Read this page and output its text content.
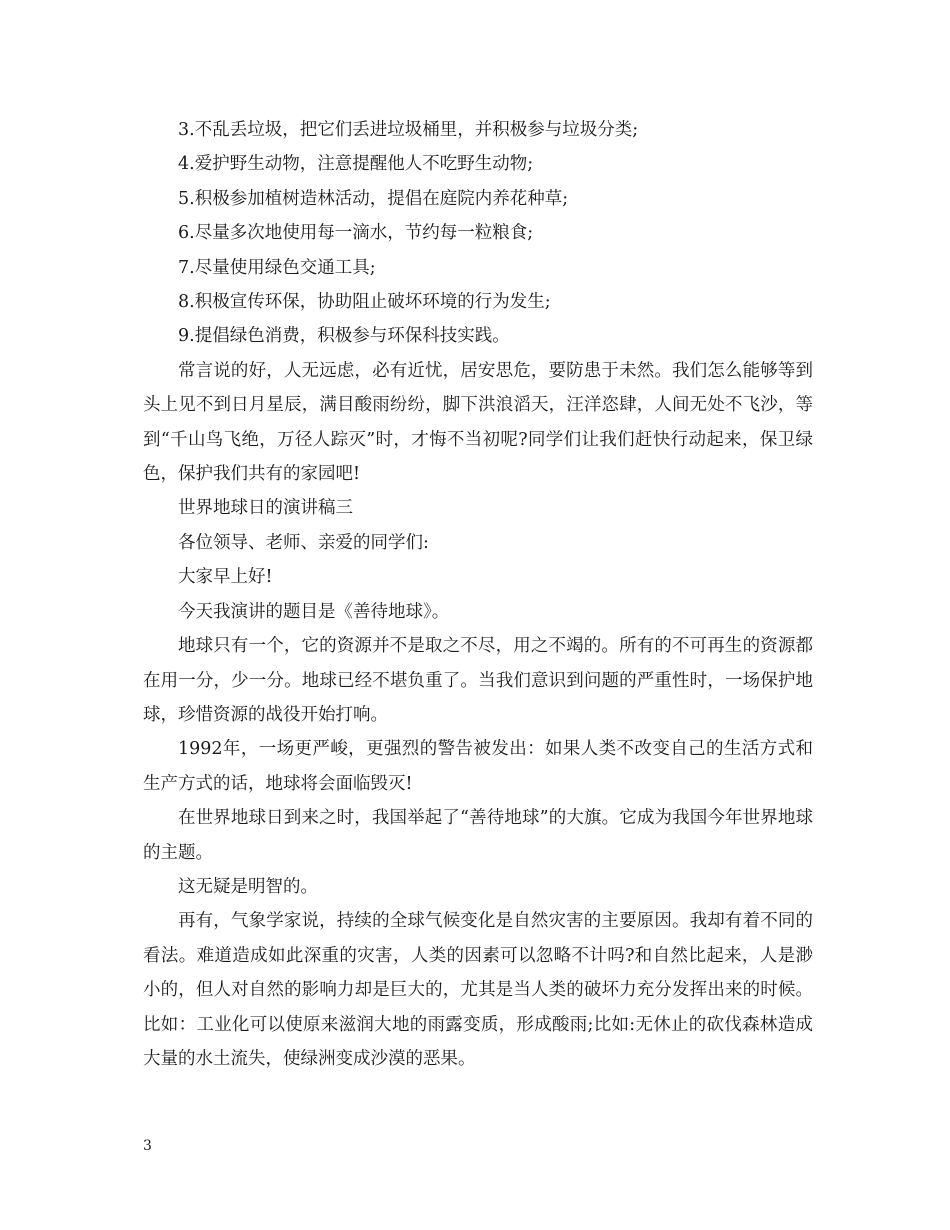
3.不乱丢垃圾，把它们丢进垃圾桶里，并积极参与垃圾分类;

4.爱护野生动物，注意提醒他人不吃野生动物;

5.积极参加植树造林活动，提倡在庭院内养花种草;

6.尽量多次地使用每一滴水，节约每一粒粮食;

7.尽量使用绿色交通工具;

8.积极宣传环保，协助阻止破坏环境的行为发生;

9.提倡绿色消费，积极参与环保科技实践。

常言说的好，人无远虑，必有近忧，居安思危，要防患于未然。我们怎么能够等到头上见不到日月星辰，满目酸雨纷纷，脚下洪浪滔天，汪洋恣肆，人间无处不飞沙，等到“千山鸟飞绝，万径人踪灭”时，才悔不当初呢?同学们让我们赶快行动起来，保卫绿色，保护我们共有的家园吧!

世界地球日的演讲稿三

各位领导、老师、亲爱的同学们:

大家早上好!

今天我演讲的题目是《善待地球》。

地球只有一个，它的资源并不是取之不尽，用之不竭的。所有的不可再生的资源都在用一分，少一分。地球已经不堪负重了。当我们意识到问题的严重性时，一场保护地球，珍惜资源的战役开始打响。

1992年，一场更严峻，更强烈的警告被发出：如果人类不改变自己的生活方式和生产方式的话，地球将会面临毁灭!

在世界地球日到来之时，我国举起了“善待地球”的大旗。它成为我国今年世界地球的主题。

这无疑是明智的。

再有，气象学家说，持续的全球气候变化是自然灾害的主要原因。我却有着不同的看法。难道造成如此深重的灾害，人类的因素可以忽略不计吗?和自然比起来，人是渺小的，但人对自然的影响力却是巨大的，尤其是当人类的破坏力充分发挥出来的时候。比如：工业化可以使原来滋润大地的雨露变质，形成酸雨;比如:无休止的砍伐森林造成大量的水土流失，使绿洲变成沙漠的恶果。

3
